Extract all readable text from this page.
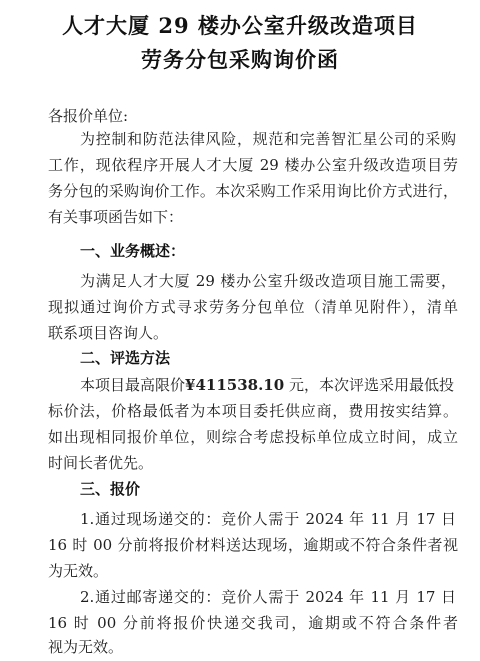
人才大厦 29 楼办公室升级改造项目
劳务分包采购询价函
各报价单位:
为控制和防范法律风险，规范和完善智汇星公司的采购
工作，现依程序开展人才大厦 29 楼办公室升级改造项目劳
务分包的采购询价工作。本次采购工作采用询比价方式进行，
有关事项函告如下：
一、业务概述：
为满足人才大厦 29 楼办公室升级改造项目施工需要，
现拟通过询价方式寻求劳务分包单位（清单见附件），清单
联系项目咨询人。
二、评选方法
本项目最高限价¥411538.10 元，本次评选采用最低投
标价法，价格最低者为本项目委托供应商，费用按实结算。
如出现相同报价单位，则综合考虑投标单位成立时间，成立
时间长者优先。
三、报价
1.通过现场递交的：竞价人需于 2024 年 11 月 17 日
16 时 00 分前将报价材料送达现场，逾期或不符合条件者视
为无效。
2.通过邮寄递交的：竞价人需于 2024 年 11 月 17 日
16 时 00 分前将报价快递交我司，逾期或不符合条件者
视为无效。
